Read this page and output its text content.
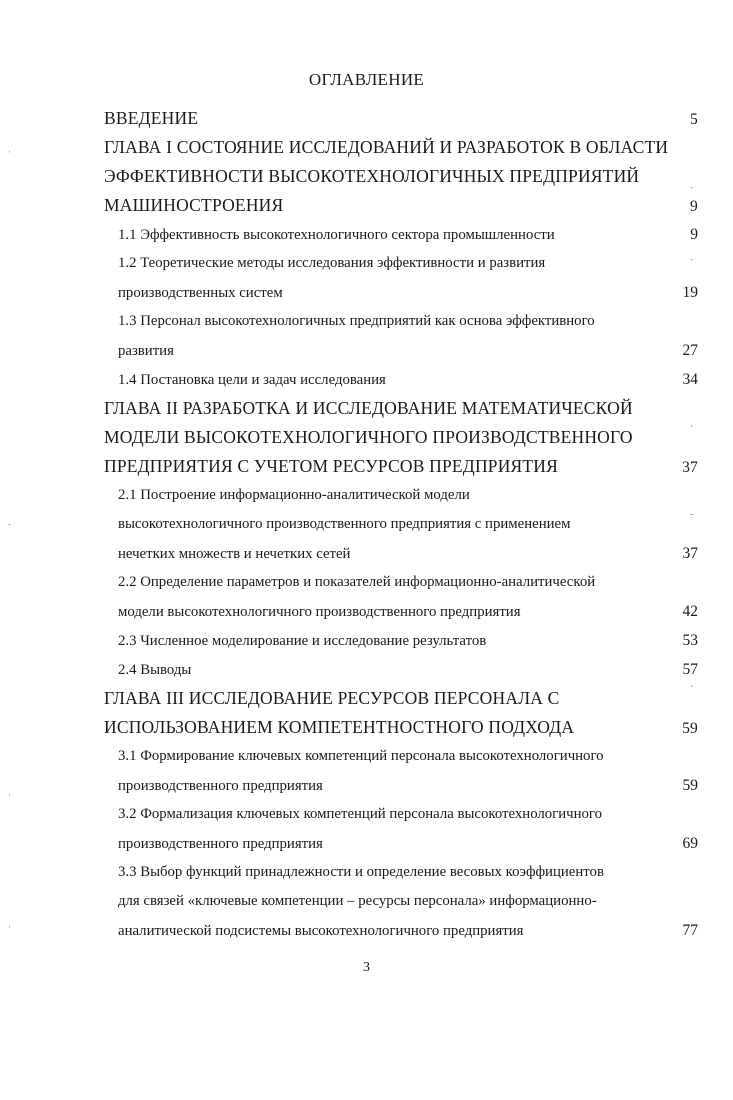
ОГЛАВЛЕНИЕ
ВВЕДЕНИЕ	5
ГЛАВА I СОСТОЯНИЕ ИССЛЕДОВАНИЙ И РАЗРАБОТОК В ОБЛАСТИ
ЭФФЕКТИВНОСТИ ВЫСОКОТЕХНОЛОГИЧНЫХ ПРЕДПРИЯТИЙ
МАШИНОСТРОЕНИЯ	9
1.1 Эффективность высокотехнологичного сектора промышленности	9
1.2 Теоретические методы исследования эффективности и развития
производственных систем	19
1.3 Персонал высокотехнологичных предприятий как основа эффективного
развития	27
1.4 Постановка цели и задач исследования	34
ГЛАВА II РАЗРАБОТКА И ИССЛЕДОВАНИЕ МАТЕМАТИЧЕСКОЙ
МОДЕЛИ ВЫСОКОТЕХНОЛОГИЧНОГО ПРОИЗВОДСТВЕННОГО
ПРЕДПРИЯТИЯ С УЧЕТОМ РЕСУРСОВ ПРЕДПРИЯТИЯ	37
2.1 Построение информационно-аналитической модели
высокотехнологичного производственного предприятия с применением
нечетких множеств и нечетких сетей	37
2.2 Определение параметров и показателей информационно-аналитической
модели высокотехнологичного производственного предприятия	42
2.3 Численное моделирование и исследование результатов	53
2.4 Выводы	57
ГЛАВА III ИССЛЕДОВАНИЕ РЕСУРСОВ ПЕРСОНАЛА С
ИСПОЛЬЗОВАНИЕМ КОМПЕТЕНТНОСТНОГО ПОДХОДА	59
3.1 Формирование ключевых компетенций персонала высокотехнологичного
производственного предприятия	59
3.2 Формализация ключевых компетенций персонала высокотехнологичного
производственного предприятия	69
3.3 Выбор функций принадлежности и определение весовых коэффициентов
для связей «ключевые компетенции – ресурсы персонала» информационно-
аналитической подсистемы высокотехнологичного предприятия	77
3
ˈ
ˏ
ˌ
ˈ
ˎ
ˏ
ˋ
ˍ
ˋ
